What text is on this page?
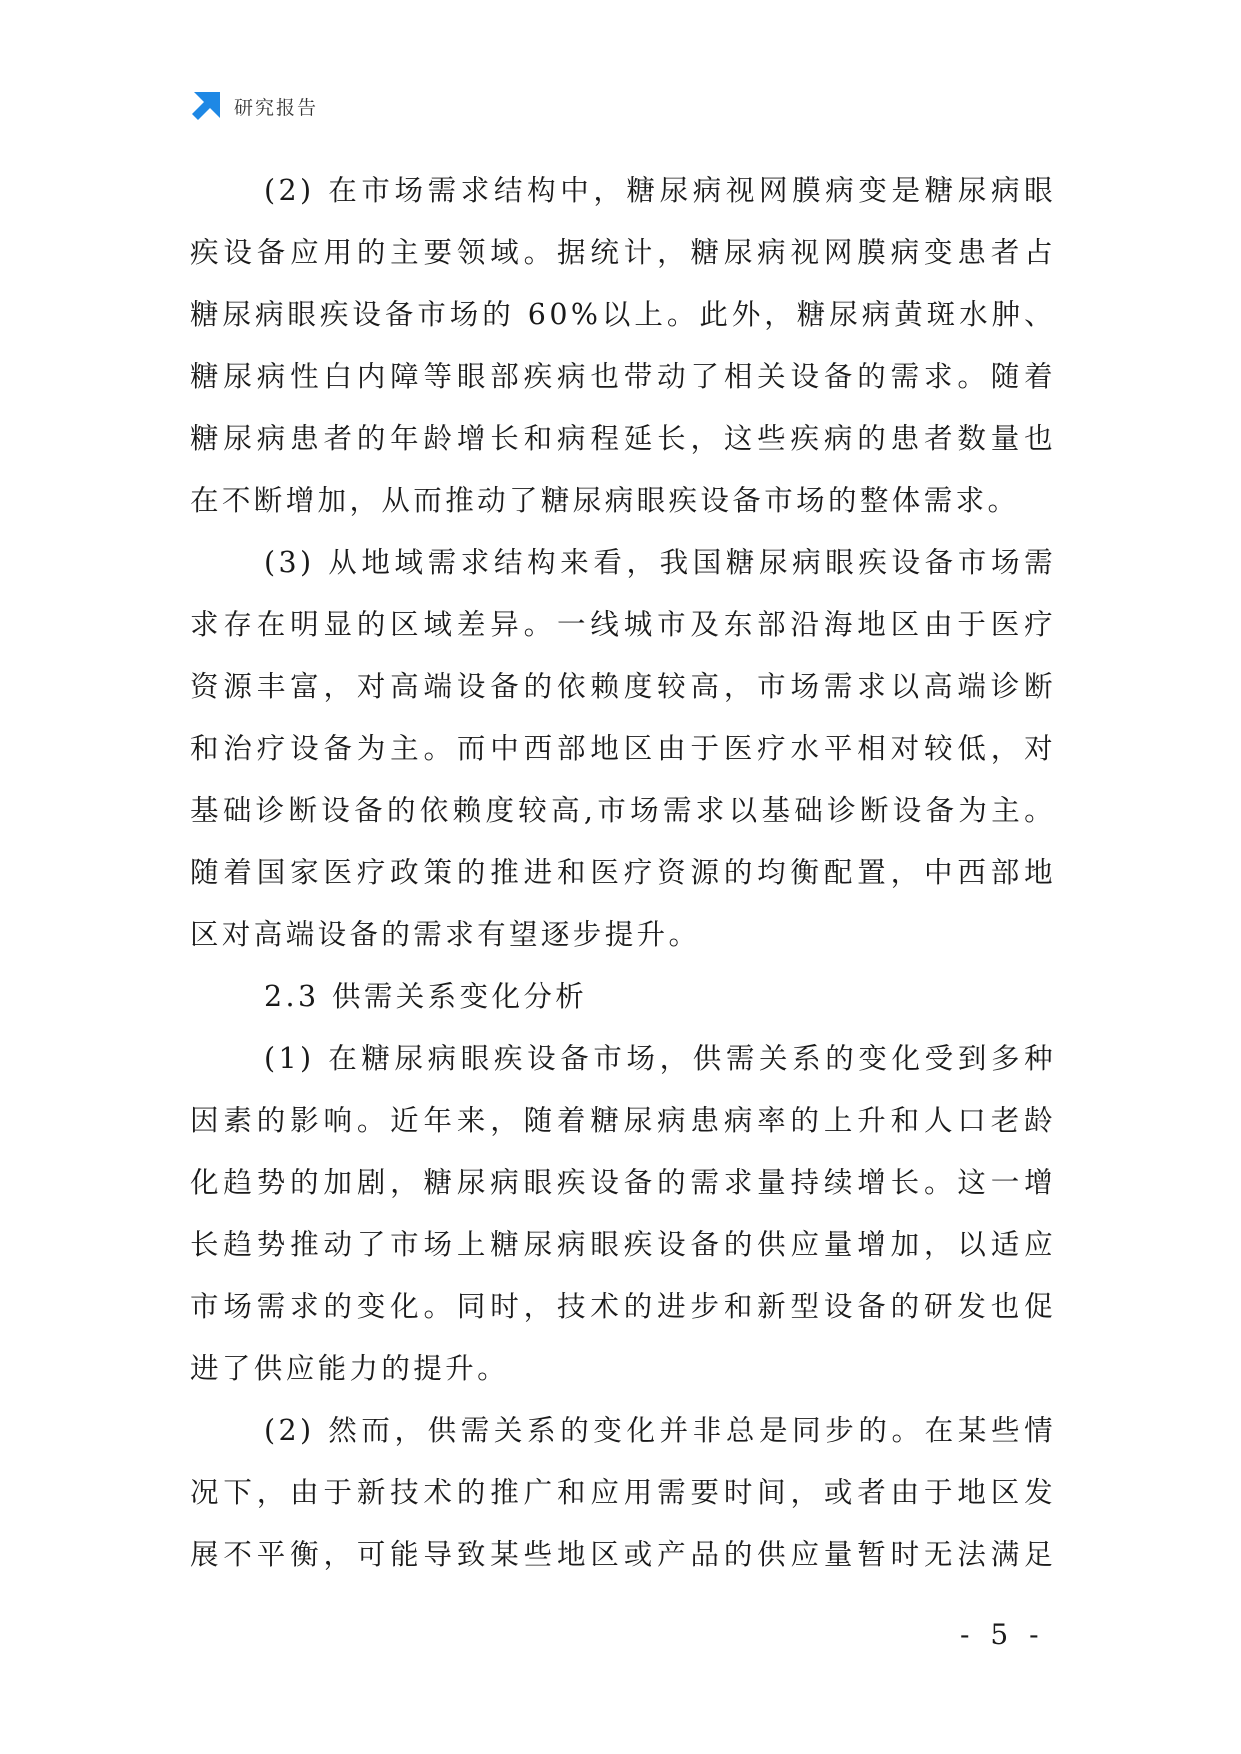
研究报告
(2) 在市场需求结构中，糖尿病视网膜病变是糖尿病眼
疾设备应用的主要领域。据统计，糖尿病视网膜病变患者占
糖尿病眼疾设备市场的 60%以上。此外，糖尿病黄斑水肿、
糖尿病性白内障等眼部疾病也带动了相关设备的需求。随着
糖尿病患者的年龄增长和病程延长，这些疾病的患者数量也
在不断增加，从而推动了糖尿病眼疾设备市场的整体需求。
(3) 从地域需求结构来看，我国糖尿病眼疾设备市场需
求存在明显的区域差异。一线城市及东部沿海地区由于医疗
资源丰富，对高端设备的依赖度较高，市场需求以高端诊断
和治疗设备为主。而中西部地区由于医疗水平相对较低，对
基础诊断设备的依赖度较高,市场需求以基础诊断设备为主。
随着国家医疗政策的推进和医疗资源的均衡配置，中西部地
区对高端设备的需求有望逐步提升。
2.3 供需关系变化分析
(1) 在糖尿病眼疾设备市场，供需关系的变化受到多种
因素的影响。近年来，随着糖尿病患病率的上升和人口老龄
化趋势的加剧，糖尿病眼疾设备的需求量持续增长。这一增
长趋势推动了市场上糖尿病眼疾设备的供应量增加，以适应
市场需求的变化。同时，技术的进步和新型设备的研发也促
进了供应能力的提升。
(2) 然而，供需关系的变化并非总是同步的。在某些情
况下，由于新技术的推广和应用需要时间，或者由于地区发
展不平衡，可能导致某些地区或产品的供应量暂时无法满足
- 5 -
